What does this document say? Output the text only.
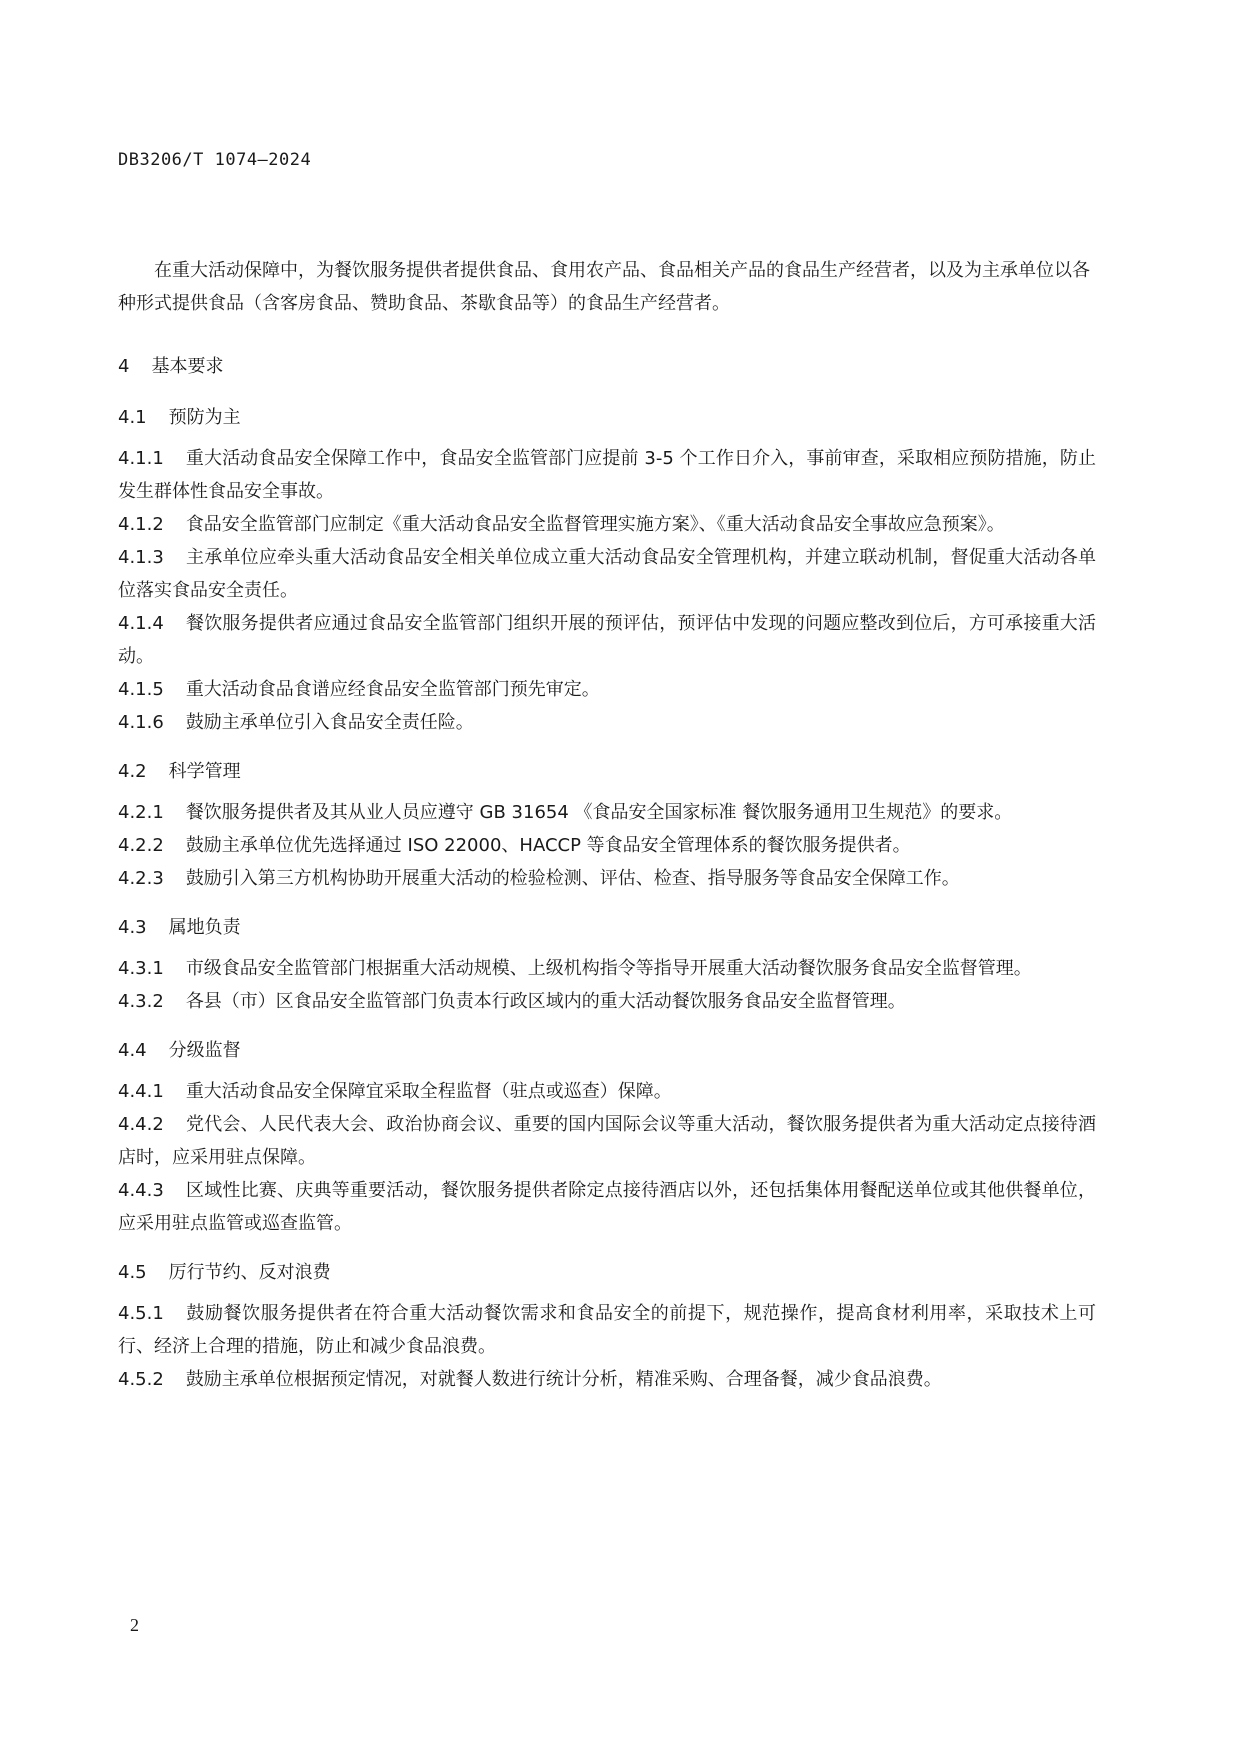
DB3206/T 1074—2024

在重大活动保障中，为餐饮服务提供者提供食品、食用农产品、食品相关产品的食品生产经营者，以及为主承单位以各种形式提供食品（含客房食品、赞助食品、茶歇食品等）的食品生产经营者。

4 基本要求
4.1 预防为主

4.1.1 重大活动食品安全保障工作中，食品安全监管部门应提前 3-5 个工作日介入，事前审查，采取相应预防措施，防止发生群体性食品安全事故。

4.1.2 食品安全监管部门应制定《重大活动食品安全监督管理实施方案》、《重大活动食品安全事故应急预案》。

4.1.3 主承单位应牵头重大活动食品安全相关单位成立重大活动食品安全管理机构，并建立联动机制，督促重大活动各单位落实食品安全责任。

4.1.4 餐饮服务提供者应通过食品安全监管部门组织开展的预评估，预评估中发现的问题应整改到位后，方可承接重大活动。

4.1.5 重大活动食品食谱应经食品安全监管部门预先审定。

4.1.6 鼓励主承单位引入食品安全责任险。

4.2 科学管理

4.2.1 餐饮服务提供者及其从业人员应遵守 GB 31654 《食品安全国家标准 餐饮服务通用卫生规范》的要求。

4.2.2 鼓励主承单位优先选择通过 ISO 22000、HACCP 等食品安全管理体系的餐饮服务提供者。

4.2.3 鼓励引入第三方机构协助开展重大活动的检验检测、评估、检查、指导服务等食品安全保障工作。

4.3 属地负责

4.3.1 市级食品安全监管部门根据重大活动规模、上级机构指令等指导开展重大活动餐饮服务食品安全监督管理。

4.3.2 各县（市）区食品安全监管部门负责本行政区域内的重大活动餐饮服务食品安全监督管理。

4.4 分级监督

4.4.1 重大活动食品安全保障宜采取全程监督（驻点或巡查）保障。

4.4.2 党代会、人民代表大会、政治协商会议、重要的国内国际会议等重大活动，餐饮服务提供者为重大活动定点接待酒店时，应采用驻点保障。

4.4.3 区域性比赛、庆典等重要活动，餐饮服务提供者除定点接待酒店以外，还包括集体用餐配送单位或其他供餐单位，应采用驻点监管或巡查监管。

4.5 厉行节约、反对浪费

4.5.1 鼓励餐饮服务提供者在符合重大活动餐饮需求和食品安全的前提下，规范操作，提高食材利用率，采取技术上可行、经济上合理的措施，防止和减少食品浪费。

4.5.2 鼓励主承单位根据预定情况，对就餐人数进行统计分析，精准采购、合理备餐，减少食品浪费。

2
